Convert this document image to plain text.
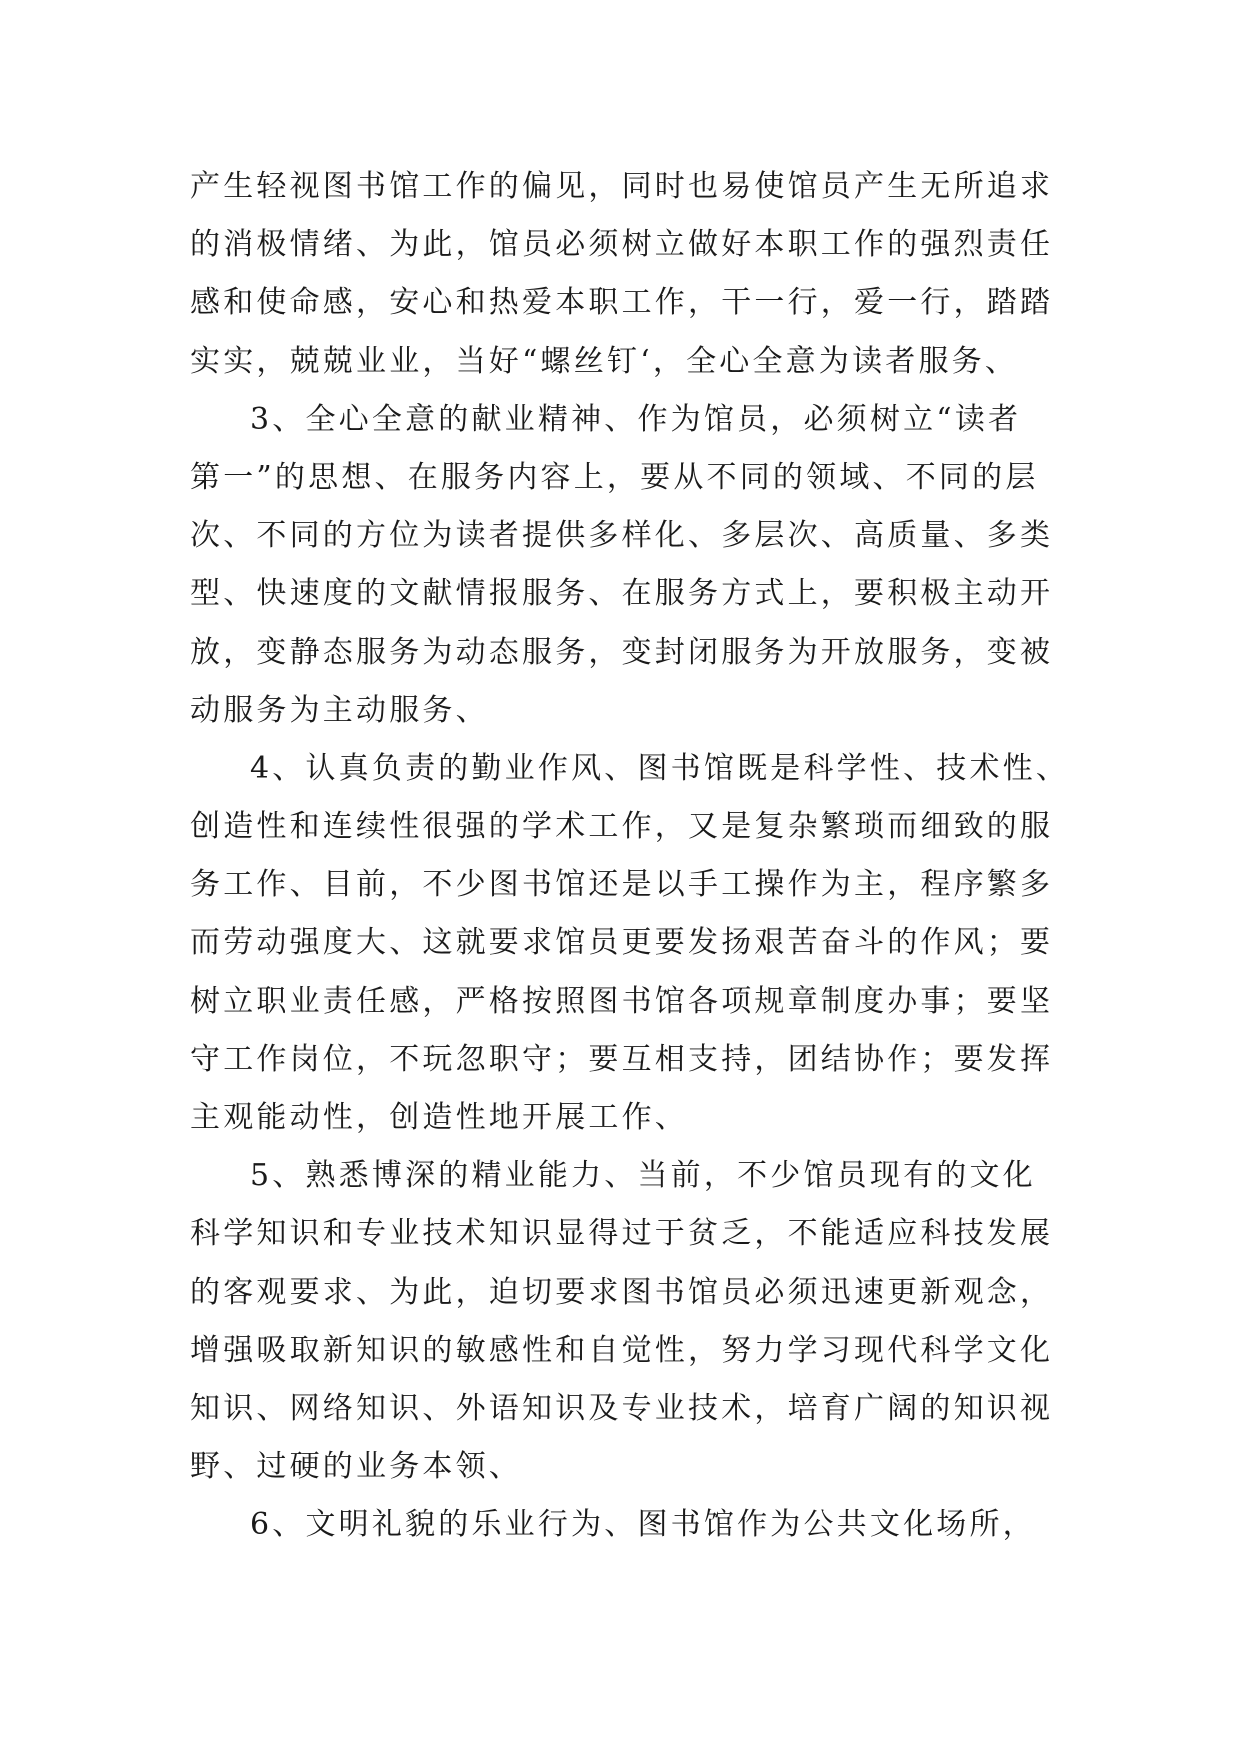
产生轻视图书馆工作的偏见，同时也易使馆员产生无所追求

的消极情绪、为此，馆员必须树立做好本职工作的强烈责任

感和使命感，安心和热爱本职工作，干一行，爱一行，踏踏

实实，兢兢业业，当好“螺丝钉‘，全心全意为读者服务、

3、全心全意的献业精神、作为馆员，必须树立“读者

第一”的思想、在服务内容上，要从不同的领域、不同的层

次、不同的方位为读者提供多样化、多层次、高质量、多类

型、快速度的文献情报服务、在服务方式上，要积极主动开

放，变静态服务为动态服务，变封闭服务为开放服务，变被

动服务为主动服务、

4、认真负责的勤业作风、图书馆既是科学性、技术性、

创造性和连续性很强的学术工作，又是复杂繁琐而细致的服

务工作、目前，不少图书馆还是以手工操作为主，程序繁多

而劳动强度大、这就要求馆员更要发扬艰苦奋斗的作风；要

树立职业责任感，严格按照图书馆各项规章制度办事；要坚

守工作岗位，不玩忽职守；要互相支持，团结协作；要发挥

主观能动性，创造性地开展工作、

5、熟悉博深的精业能力、当前，不少馆员现有的文化

科学知识和专业技术知识显得过于贫乏，不能适应科技发展

的客观要求、为此，迫切要求图书馆员必须迅速更新观念，

增强吸取新知识的敏感性和自觉性，努力学习现代科学文化

知识、网络知识、外语知识及专业技术，培育广阔的知识视

野、过硬的业务本领、

6、文明礼貌的乐业行为、图书馆作为公共文化场所，
